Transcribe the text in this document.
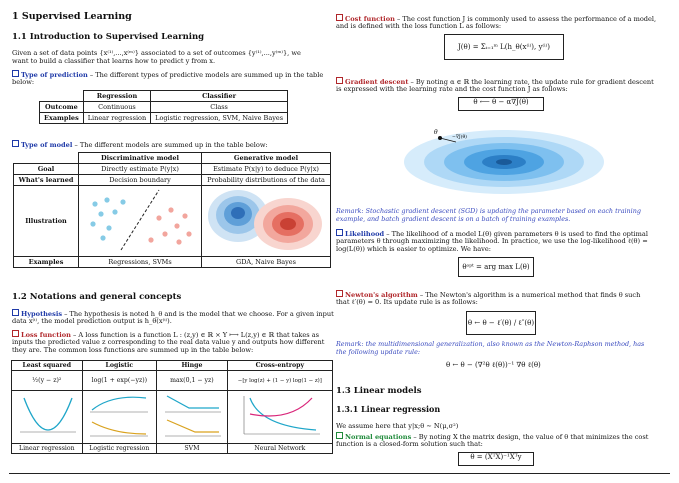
1 Supervised Learning
1.1 Introduction to Supervised Learning
Given a set of data points {x⁽¹⁾,...,x⁽ᵐ⁾} associated to a set of outcomes {y⁽¹⁾,...,y⁽ᵐ⁾}, we
want to build a classifier that learns how to predict y from x.
Type of prediction – The different types of predictive models are summed up in the table
below:
	Regression	Classifier
Outcome	Continuous	Class
Examples	Linear regression	Logistic regression, SVM, Naive Bayes
Type of model – The different models are summed up in the table below:
	Discriminative model	Generative model
Goal	Directly estimate P(y|x)	Estimate P(x|y) to deduce P(y|x)
What's learned	Decision boundary	Probability distributions of the data
Illustration		
Examples	Regressions, SVMs	GDA, Naive Bayes
1.2 Notations and general concepts
Hypothesis – The hypothesis is noted h_θ and is the model that we choose. For a given input
data x⁽ⁱ⁾, the model prediction output is h_θ(x⁽ⁱ⁾).
Loss function – A loss function is a function L : (z,y) ∈ ℝ × Y ⟼ L(z,y) ∈ ℝ that takes as
inputs the predicted value z corresponding to the real data value y and outputs how different
they are. The common loss functions are summed up in the table below:
Least squared	Logistic	Hinge	Cross-entropy
½(y − z)²	log(1 + exp(−yz))	max(0,1 − yz)	−[y log(z) + (1 − y) log(1 − z)]

Linear regression	Logistic regression	SVM	Neural Network
Cost function – The cost function J is commonly used to assess the performance of a model,
and is defined with the loss function L as follows:
J(θ) = Σᵢ₌₁ᵐ L(h_θ(x⁽ⁱ⁾), y⁽ⁱ⁾)
Gradient descent – By noting α ∈ ℝ the learning rate, the update rule for gradient descent
is expressed with the learning rate and the cost function J as follows:
θ ⟵ θ − α∇J(θ)
θ
−∇J(θ)
Remark: Stochastic gradient descent (SGD) is updating the parameter based on each training
example, and batch gradient descent is on a batch of training examples.
Likelihood – The likelihood of a model L(θ) given parameters θ is used to find the optimal
parameters θ through maximizing the likelihood. In practice, we use the log-likelihood ℓ(θ) =
log(L(θ)) which is easier to optimize. We have:
θᵒᵖᵗ = arg max L(θ)
Newton's algorithm – The Newton's algorithm is a numerical method that finds θ such
that ℓ′(θ) = 0. Its update rule is as follows:
θ ← θ − ℓ′(θ) / ℓ″(θ)
Remark: the multidimensional generalization, also known as the Newton-Raphson method, has
the following update rule:
θ ← θ − (∇²θ ℓ(θ))⁻¹ ∇θ ℓ(θ)
1.3 Linear models
1.3.1 Linear regression
We assume here that y|x;θ ∼ N(μ,σ²)
Normal equations – By noting X the matrix design, the value of θ that minimizes the cost
function is a closed-form solution such that:
θ = (XᵀX)⁻¹Xᵀy
